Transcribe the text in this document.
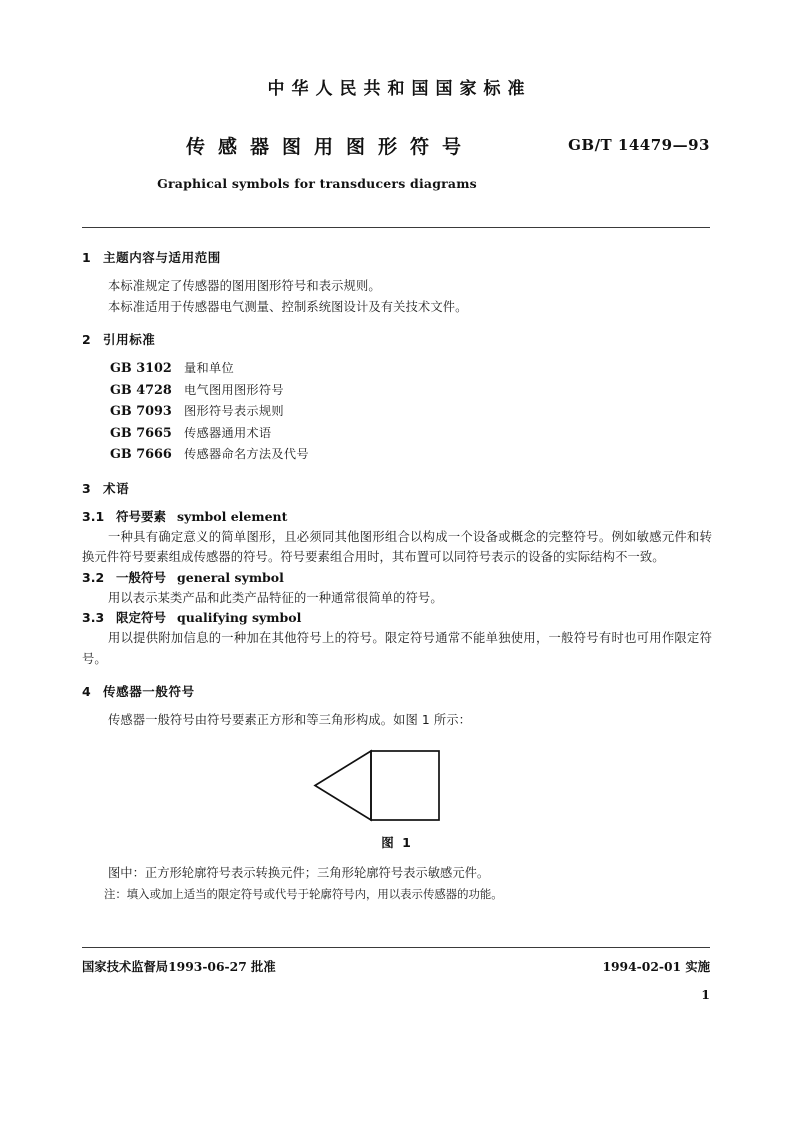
中华人民共和国国家标准
传感器图用图形符号	GB/T 14479—93
Graphical symbols for transducers diagrams
1 主题内容与适用范围

本标准规定了传感器的图用图形符号和表示规则。

本标准适用于传感器电气测量、控制系统图设计及有关技术文件。

2 引用标准
GB 3102 量和单位
GB 4728 电气图用图形符号
GB 7093 图形符号表示规则
GB 7665 传感器通用术语
GB 7666 传感器命名方法及代号
3 术语
3.1 符号要素 symbol element

一种具有确定意义的简单图形，且必须同其他图形组合以构成一个设备或概念的完整符号。例如敏感元件和转换元件符号要素组成传感器的符号。符号要素组合用时，其布置可以同符号表示的设备的实际结构不一致。

3.2 一般符号 general symbol

用以表示某类产品和此类产品特征的一种通常很简单的符号。

3.3 限定符号 qualifying symbol

用以提供附加信息的一种加在其他符号上的符号。限定符号通常不能单独使用，一般符号有时也可用作限定符号。

4 传感器一般符号

传感器一般符号由符号要素正方形和等三角形构成。如图 1 所示：

图 1

图中：正方形轮廓符号表示转换元件；三角形轮廓符号表示敏感元件。

注：填入或加上适当的限定符号或代号于轮廓符号内，用以表示传感器的功能。

国家技术监督局1993-06-27 批准	1994-02-01 实施
1
